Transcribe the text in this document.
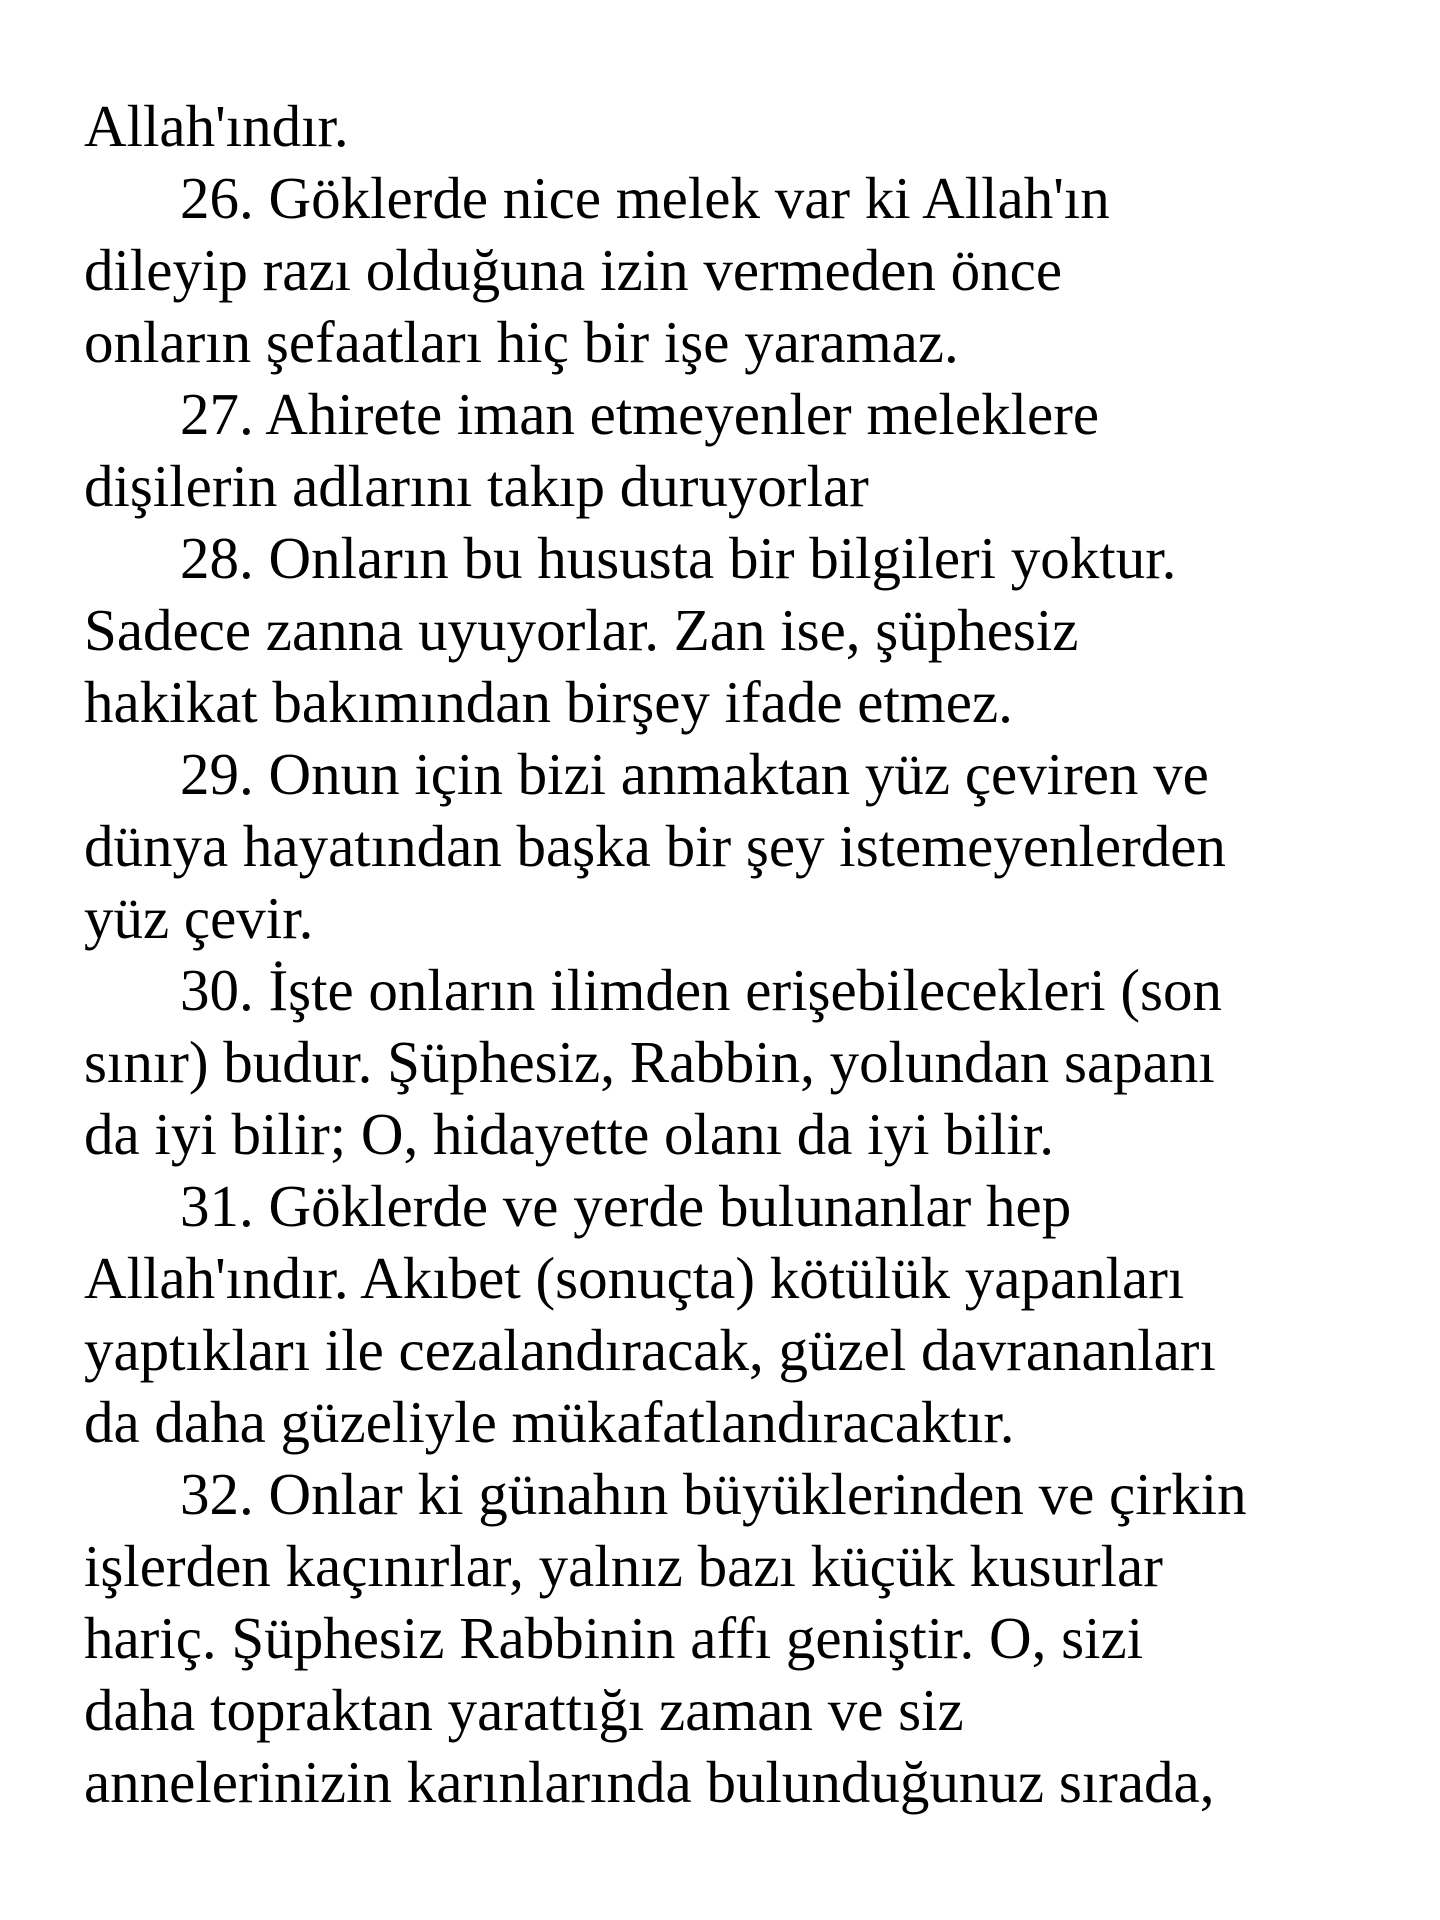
Allah'ındır.
26. Göklerde nice melek var ki Allah'ın
dileyip razı olduğuna izin vermeden önce
onların şefaatları hiç bir işe yaramaz.
27. Ahirete iman etmeyenler meleklere
dişilerin adlarını takıp duruyorlar
28. Onların bu hususta bir bilgileri yoktur.
Sadece zanna uyuyorlar. Zan ise, şüphesiz
hakikat bakımından birşey ifade etmez.
29. Onun için bizi anmaktan yüz çeviren ve
dünya hayatından başka bir şey istemeyenlerden
yüz çevir.
30. İşte onların ilimden erişebilecekleri (son
sınır) budur. Şüphesiz, Rabbin, yolundan sapanı
da iyi bilir; O, hidayette olanı da iyi bilir.
31. Göklerde ve yerde bulunanlar hep
Allah'ındır. Akıbet (sonuçta) kötülük yapanları
yaptıkları ile cezalandıracak, güzel davrananları
da daha güzeliyle mükafatlandıracaktır.
32. Onlar ki günahın büyüklerinden ve çirkin
işlerden kaçınırlar, yalnız bazı küçük kusurlar
hariç. Şüphesiz Rabbinin affı geniştir. O, sizi
daha topraktan yarattığı zaman ve siz
annelerinizin karınlarında bulunduğunuz sırada,
